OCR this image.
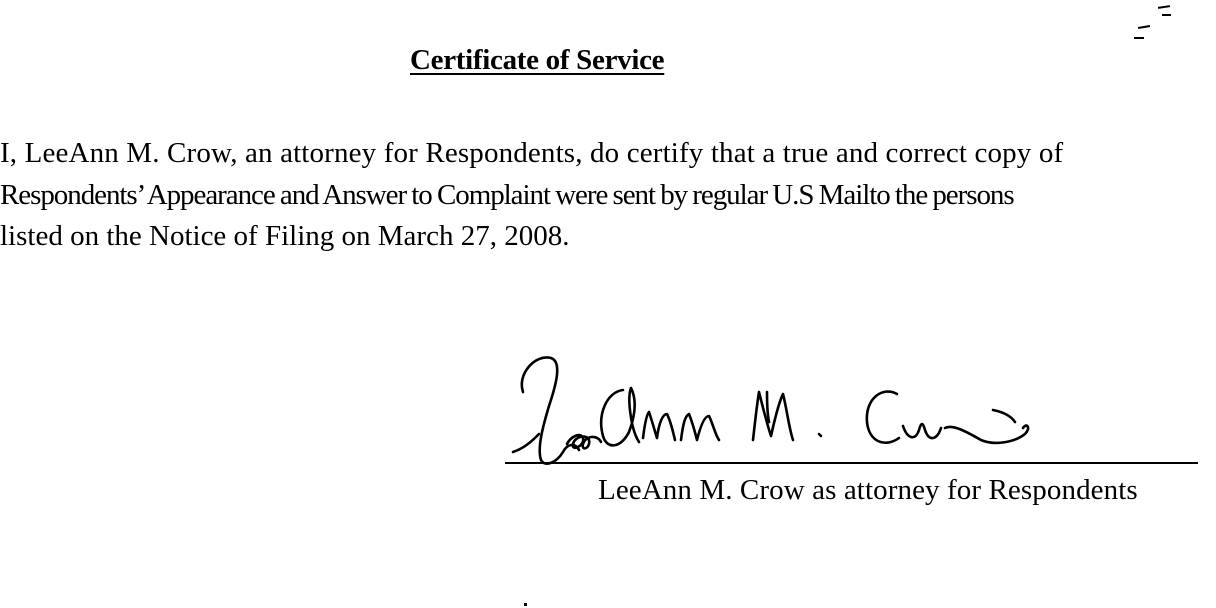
Certificate of Service
I, LeeAnn M. Crow, an attorney for Respondents, do certify that a true and correct copy of
Respondents’ Appearance and Answer to Complaint were sent by regular U.S Mailto the persons
listed on the Notice of Filing on March 27, 2008.
LeeAnn M. Crow as attorney for Respondents
